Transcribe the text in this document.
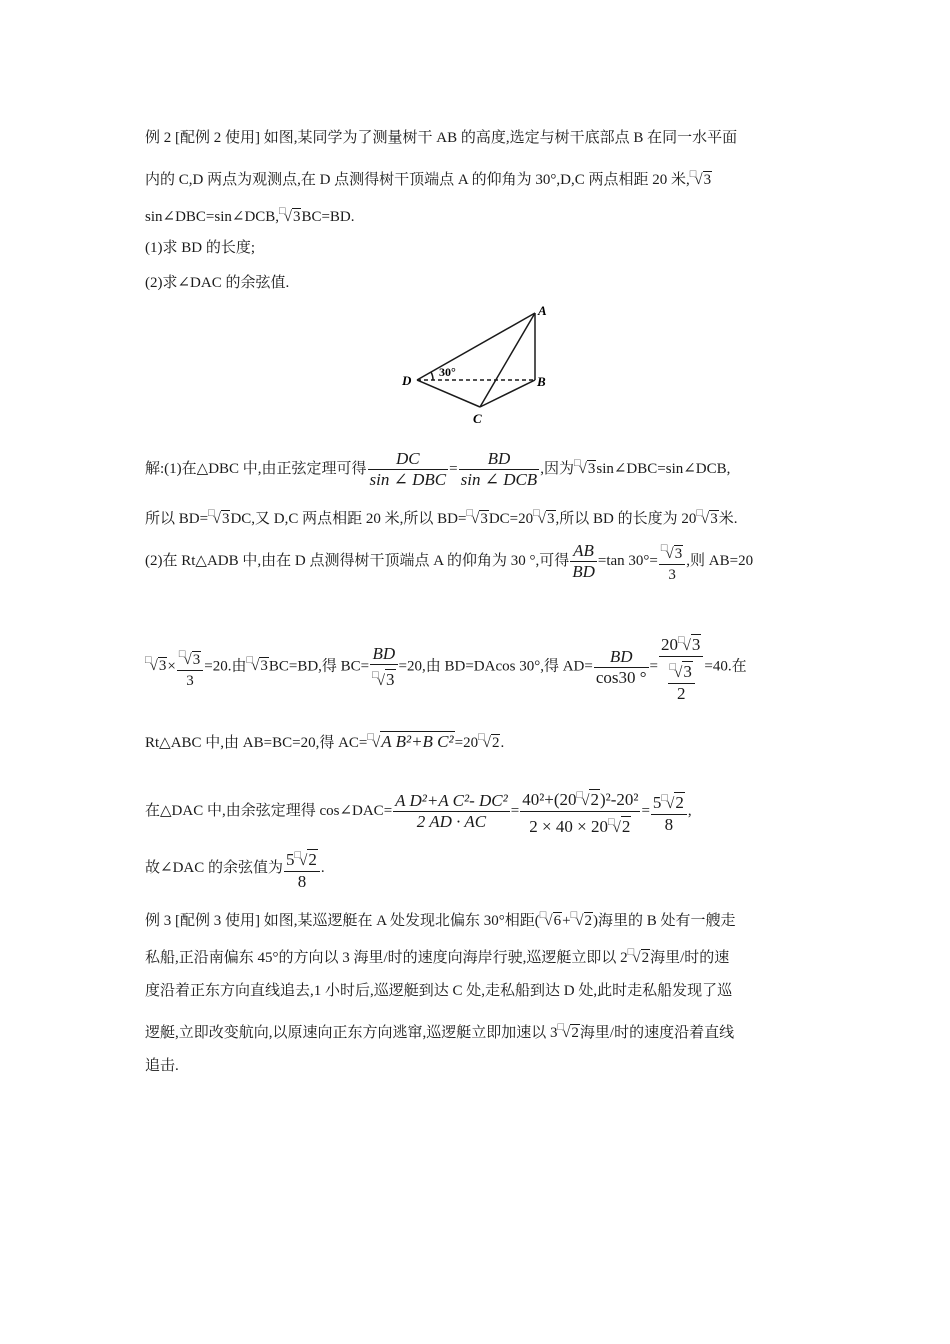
例 2 [配例 2 使用] 如图,某同学为了测量树干 AB 的高度,选定与树干底部点 B 在同一水平面
内的 C,D 两点为观测点,在 D 点测得树干顶端点 A 的仰角为 30°,D,C 两点相距 20 米,□√3
sin∠DBC=sin∠DCB,□√3BC=BD.
(1)求 BD 的长度;
(2)求∠DAC 的余弦值.
A
B
C
D
30°
解:(1)在△DBC 中,由正弦定理可得 $\frac{DC}{\text{sin ∠ DBC}} = \frac{BD}{\text{sin ∠ DCB}}$ ,因为□√3sin∠DBC=sin∠DCB,
所以 BD=□√3DC,又 D,C 两点相距 20 米,所以 BD=□√3DC=20□√3,所以 BD 的长度为 20□√3米.
(2)在 Rt△ADB 中,由在 D 点测得树干顶端点 A 的仰角为 30 °,可得 $\frac{AB}{BD} =\tan$ $30^\circ= \frac{^□√3}{3}$ ,则 AB=20
$^□√3\times \frac{^□√3}{3} =20$.由□√3BC=BD,得 $BC= \frac{BD}{^□√3} =20$,由 BD=DAcos 30°,得 $AD= \frac{BD}{\cos 30 ^\circ} = \frac{20^□√3}{\frac{^□√3}{2}} =40$.在
Rt△ABC 中,由 AB=BC=20,得 AC=□√A B²+B C²=20□√2.
在△DAC 中,由余弦定理得 cos∠DAC= $\frac{\text{A D²+A C²- DC²}}{2 AD \cdot AC} = \frac{40^2+(20^□√2)^2-20^2}{2 \times 40 \times 20^□√2} = \frac{5^□√2}{8}$ ,
故∠DAC 的余弦值为 $\frac{5^□√2}{8}$ .
例 3 [配例 3 使用] 如图,某巡逻艇在 A 处发现北偏东 30°相距(□√6+□√2)海里的 B 处有一艘走
私船,正沿南偏东 45°的方向以 3 海里/时的速度向海岸行驶,巡逻艇立即以 2□√2海里/时的速
度沿着正东方向直线追去,1 小时后,巡逻艇到达 C 处,走私船到达 D 处,此时走私船发现了巡
逻艇,立即改变航向,以原速向正东方向逃窜,巡逻艇立即加速以 3□√2海里/时的速度沿着直线
追击.
